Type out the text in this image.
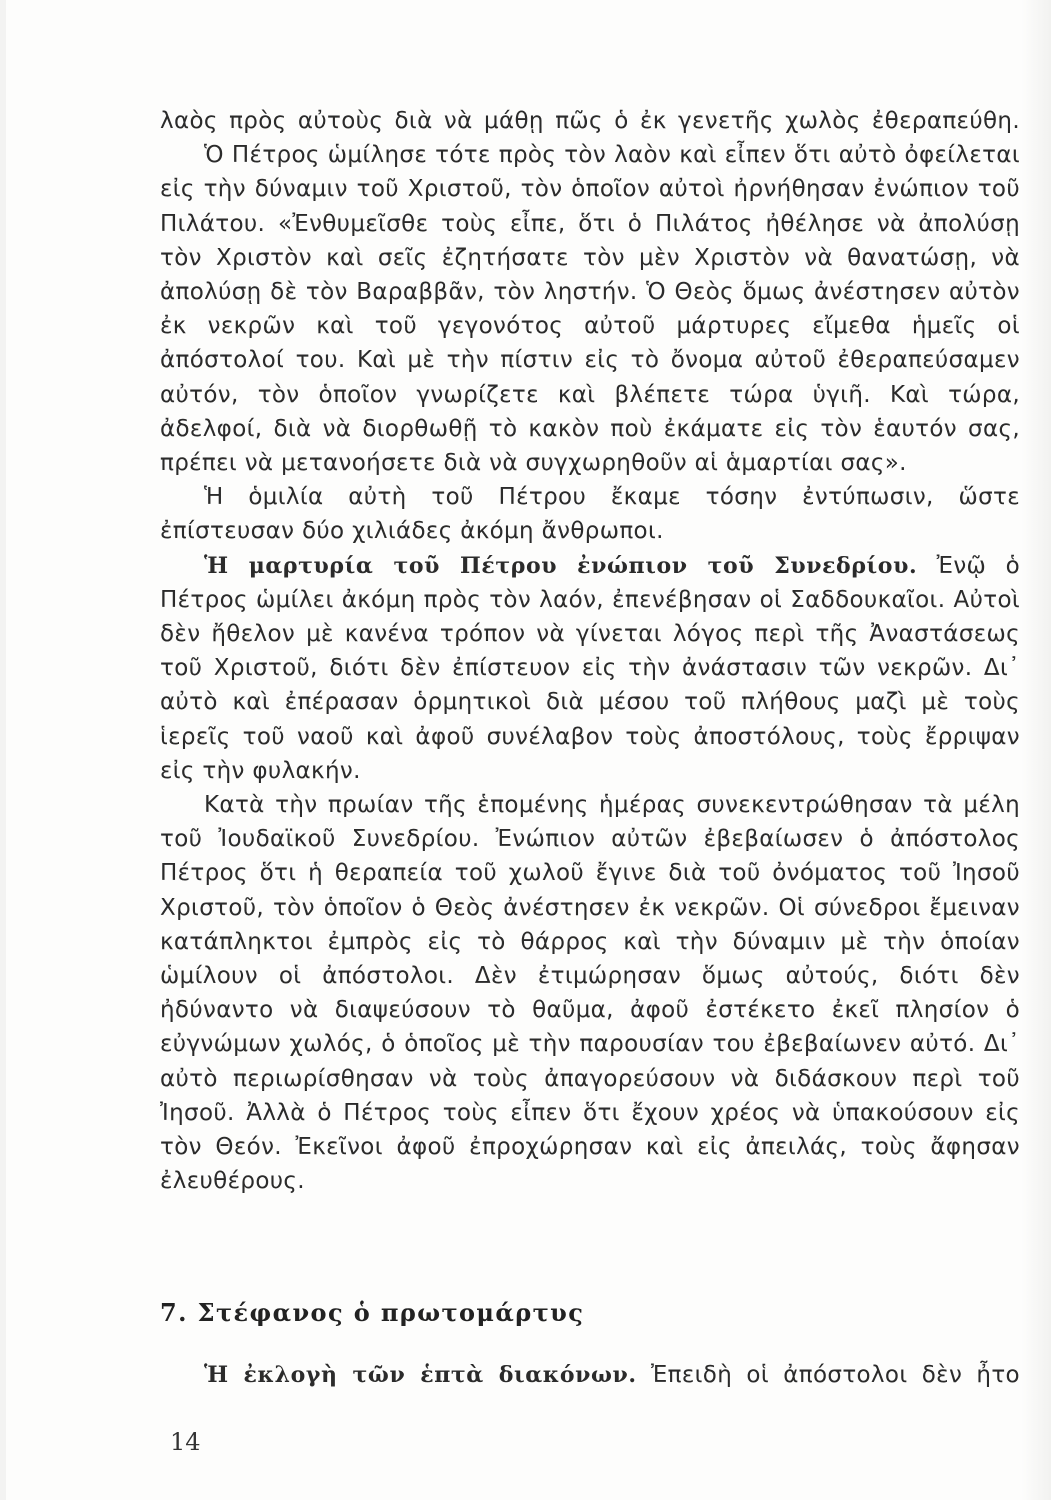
λαὸς πρὸς αὐτοὺς διὰ νὰ μάθῃ πῶς ὁ ἐκ γενετῆς χωλὸς ἐθεραπεύθη.

Ὁ Πέτρος ὡμίλησε τότε πρὸς τὸν λαὸν καὶ εἶπεν ὅτι αὐτὸ ὀφείλεται εἰς τὴν δύναμιν τοῦ Χριστοῦ, τὸν ὁποῖον αὐτοὶ ἠρνήθησαν ἐνώπιον τοῦ Πιλάτου. «Ἐνθυμεῖσθε τοὺς εἶπε, ὅτι ὁ Πιλάτος ἠθέλησε νὰ ἀπολύσῃ τὸν Χριστὸν καὶ σεῖς ἐζητήσατε τὸν μὲν Χριστὸν νὰ θανατώσῃ, νὰ ἀπολύσῃ δὲ τὸν Βαραββᾶν, τὸν ληστήν. Ὁ Θεὸς ὅμως ἀνέστησεν αὐτὸν ἐκ νεκρῶν καὶ τοῦ γεγονότος αὐτοῦ μάρτυρες εἴμεθα ἡμεῖς οἱ ἀπόστολοί του. Καὶ μὲ τὴν πίστιν εἰς τὸ ὄνομα αὐτοῦ ἐθεραπεύσαμεν αὐτόν, τὸν ὁποῖον γνωρίζετε καὶ βλέπετε τώρα ὑγιῆ. Καὶ τώρα, ἀδελφοί, διὰ νὰ διορθωθῇ τὸ κακὸν ποὺ ἐκάματε εἰς τὸν ἑαυτόν σας, πρέπει νὰ μετανοήσετε διὰ νὰ συγχωρηθοῦν αἱ ἁμαρτίαι σας».

Ἡ ὁμιλία αὐτὴ τοῦ Πέτρου ἔκαμε τόσην ἐντύπωσιν, ὥστε ἐπίστευσαν δύο χιλιάδες ἀκόμη ἄνθρωποι.

Ἡ μαρτυρία τοῦ Πέτρου ἐνώπιον τοῦ Συνεδρίου. Ἐνῷ ὁ Πέτρος ὡμίλει ἀκόμη πρὸς τὸν λαόν, ἐπενέβησαν οἱ Σαδδουκαῖοι. Αὐτοὶ δὲν ἤθελον μὲ κανένα τρόπον νὰ γίνεται λόγος περὶ τῆς Ἀναστάσεως τοῦ Χριστοῦ, διότι δὲν ἐπίστευον εἰς τὴν ἀνάστασιν τῶν νεκρῶν. Δι᾿ αὐτὸ καὶ ἐπέρασαν ὁρμητικοὶ διὰ μέσου τοῦ πλήθους μαζὶ μὲ τοὺς ἱερεῖς τοῦ ναοῦ καὶ ἀφοῦ συνέλαβον τοὺς ἀποστόλους, τοὺς ἔρριψαν εἰς τὴν φυλακήν.

Κατὰ τὴν πρωίαν τῆς ἑπομένης ἡμέρας συνεκεντρώθησαν τὰ μέλη τοῦ Ἰουδαϊκοῦ Συνεδρίου. Ἐνώπιον αὐτῶν ἐβεβαίωσεν ὁ ἀπόστολος Πέτρος ὅτι ἡ θεραπεία τοῦ χωλοῦ ἔγινε διὰ τοῦ ὀνόματος τοῦ Ἰησοῦ Χριστοῦ, τὸν ὁποῖον ὁ Θεὸς ἀνέστησεν ἐκ νεκρῶν. Οἱ σύνεδροι ἔμειναν κατάπληκτοι ἐμπρὸς εἰς τὸ θάρρος καὶ τὴν δύναμιν μὲ τὴν ὁποίαν ὡμίλουν οἱ ἀπόστολοι. Δὲν ἐτιμώρησαν ὅμως αὐτούς, διότι δὲν ἠδύναντο νὰ διαψεύσουν τὸ θαῦμα, ἀφοῦ ἐστέκετο ἐκεῖ πλησίον ὁ εὐγνώμων χωλός, ὁ ὁποῖος μὲ τὴν παρουσίαν του ἐβεβαίωνεν αὐτό. Δι᾿ αὐτὸ περιωρίσθησαν νὰ τοὺς ἀπαγορεύσουν νὰ διδάσκουν περὶ τοῦ Ἰησοῦ. Ἀλλὰ ὁ Πέτρος τοὺς εἶπεν ὅτι ἔχουν χρέος νὰ ὑπακούσουν εἰς τὸν Θεόν. Ἐκεῖνοι ἀφοῦ ἐπροχώρησαν καὶ εἰς ἀπειλάς, τοὺς ἄφησαν ἐλευθέρους.

7. Στέφανος ὁ πρωτομάρτυς

Ἡ ἐκλογὴ τῶν ἑπτὰ διακόνων. Ἐπειδὴ οἱ ἀπόστολοι δὲν ἦτο

14
